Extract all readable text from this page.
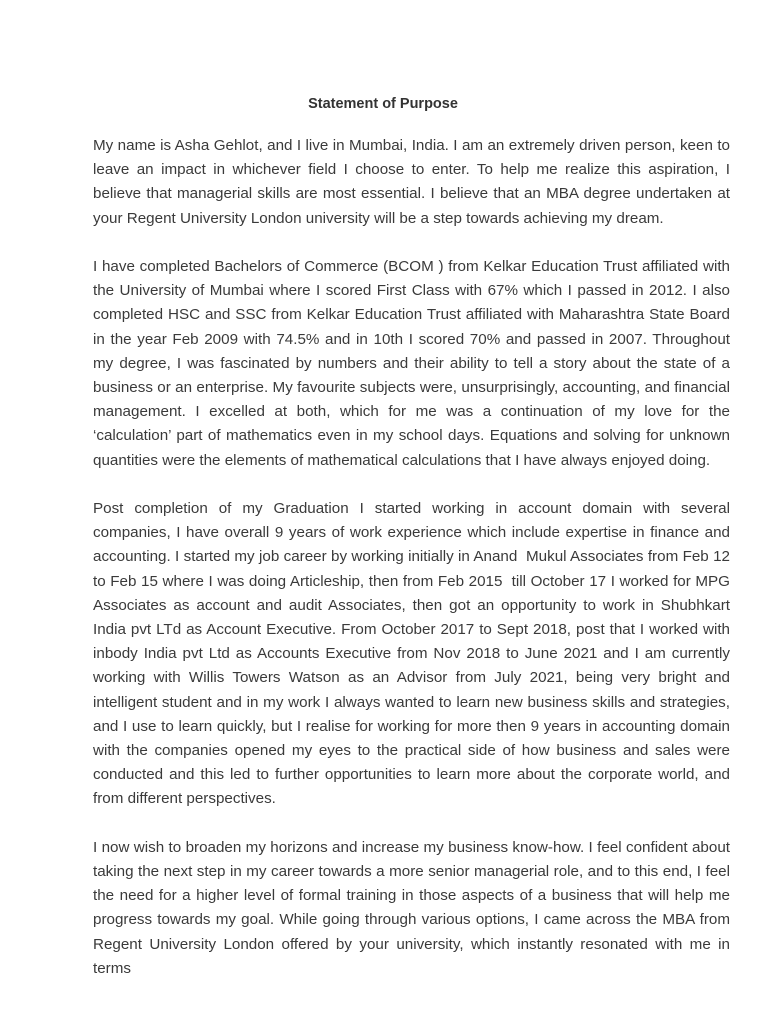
Statement of Purpose

My name is Asha Gehlot, and I live in Mumbai, India. I am an extremely driven person, keen to leave an impact in whichever field I choose to enter. To help me realize this aspiration, I believe that managerial skills are most essential. I believe that an MBA degree undertaken at your Regent University London university will be a step towards achieving my dream.

I have completed Bachelors of Commerce (BCOM ) from Kelkar Education Trust affiliated with the University of Mumbai where I scored First Class with 67% which I passed in 2012. I also completed HSC and SSC from Kelkar Education Trust affiliated with Maharashtra State Board in the year Feb 2009 with 74.5% and in 10th I scored 70% and passed in 2007. Throughout my degree, I was fascinated by numbers and their ability to tell a story about the state of a business or an enterprise. My favourite subjects were, unsurprisingly, accounting, and financial management. I excelled at both, which for me was a continuation of my love for the ‘calculation’ part of mathematics even in my school days. Equations and solving for unknown quantities were the elements of mathematical calculations that I have always enjoyed doing.

Post completion of my Graduation I started working in account domain with several companies, I have overall 9 years of work experience which include expertise in finance and accounting. I started my job career by working initially in Anand  Mukul Associates from Feb 12 to Feb 15 where I was doing Articleship, then from Feb 2015  till October 17 I worked for MPG Associates as account and audit Associates, then got an opportunity to work in Shubhkart India pvt LTd as Account Executive. From October 2017 to Sept 2018, post that I worked with inbody India pvt Ltd as Accounts Executive from Nov 2018 to June 2021 and I am currently working with Willis Towers Watson as an Advisor from July 2021, being very bright and intelligent student and in my work I always wanted to learn new business skills and strategies, and I use to learn quickly, but I realise for working for more then 9 years in accounting domain with the companies opened my eyes to the practical side of how business and sales were conducted and this led to further opportunities to learn more about the corporate world, and from different perspectives.

I now wish to broaden my horizons and increase my business know-how. I feel confident about taking the next step in my career towards a more senior managerial role, and to this end, I feel the need for a higher level of formal training in those aspects of a business that will help me progress towards my goal. While going through various options, I came across the MBA from Regent University London offered by your university, which instantly resonated with me in terms
